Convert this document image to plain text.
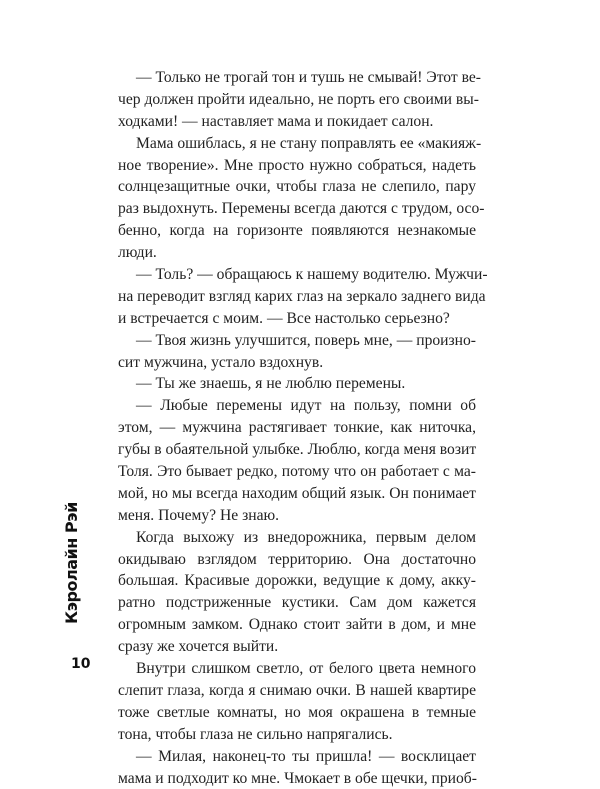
Кэролайн Рэй
10
— Только не трогай тон и тушь не смывай! Этот ве-
чер должен пройти идеально, не порть его своими вы-
ходками! — наставляет мама и покидает салон.
Мама ошиблась, я не стану поправлять ее «макияж-
ное творение». Мне просто нужно собраться, надеть
солнцезащитные очки, чтобы глаза не слепило, пару
раз выдохнуть. Перемены всегда даются с трудом, осо-
бенно, когда на горизонте появляются незнакомые
люди.
— Толь? — обращаюсь к нашему водителю. Мужчи-
на переводит взгляд карих глаз на зеркало заднего вида
и встречается с моим. — Все настолько серьезно?
— Твоя жизнь улучшится, поверь мне, — произно-
сит мужчина, устало вздохнув.
— Ты же знаешь, я не люблю перемены.
— Любые перемены идут на пользу, помни об
этом, — мужчина растягивает тонкие, как ниточка,
губы в обаятельной улыбке. Люблю, когда меня возит
Толя. Это бывает редко, потому что он работает с ма-
мой, но мы всегда находим общий язык. Он понимает
меня. Почему? Не знаю.
Когда выхожу из внедорожника, первым делом
окидываю взглядом территорию. Она достаточно
большая. Красивые дорожки, ведущие к дому, акку-
ратно подстриженные кустики. Сам дом кажется
огромным замком. Однако стоит зайти в дом, и мне
сразу же хочется выйти.
Внутри слишком светло, от белого цвета немного
слепит глаза, когда я снимаю очки. В нашей квартире
тоже светлые комнаты, но моя окрашена в темные
тона, чтобы глаза не сильно напрягались.
— Милая, наконец-то ты пришла! — восклицает
мама и подходит ко мне. Чмокает в обе щечки, приоб-
